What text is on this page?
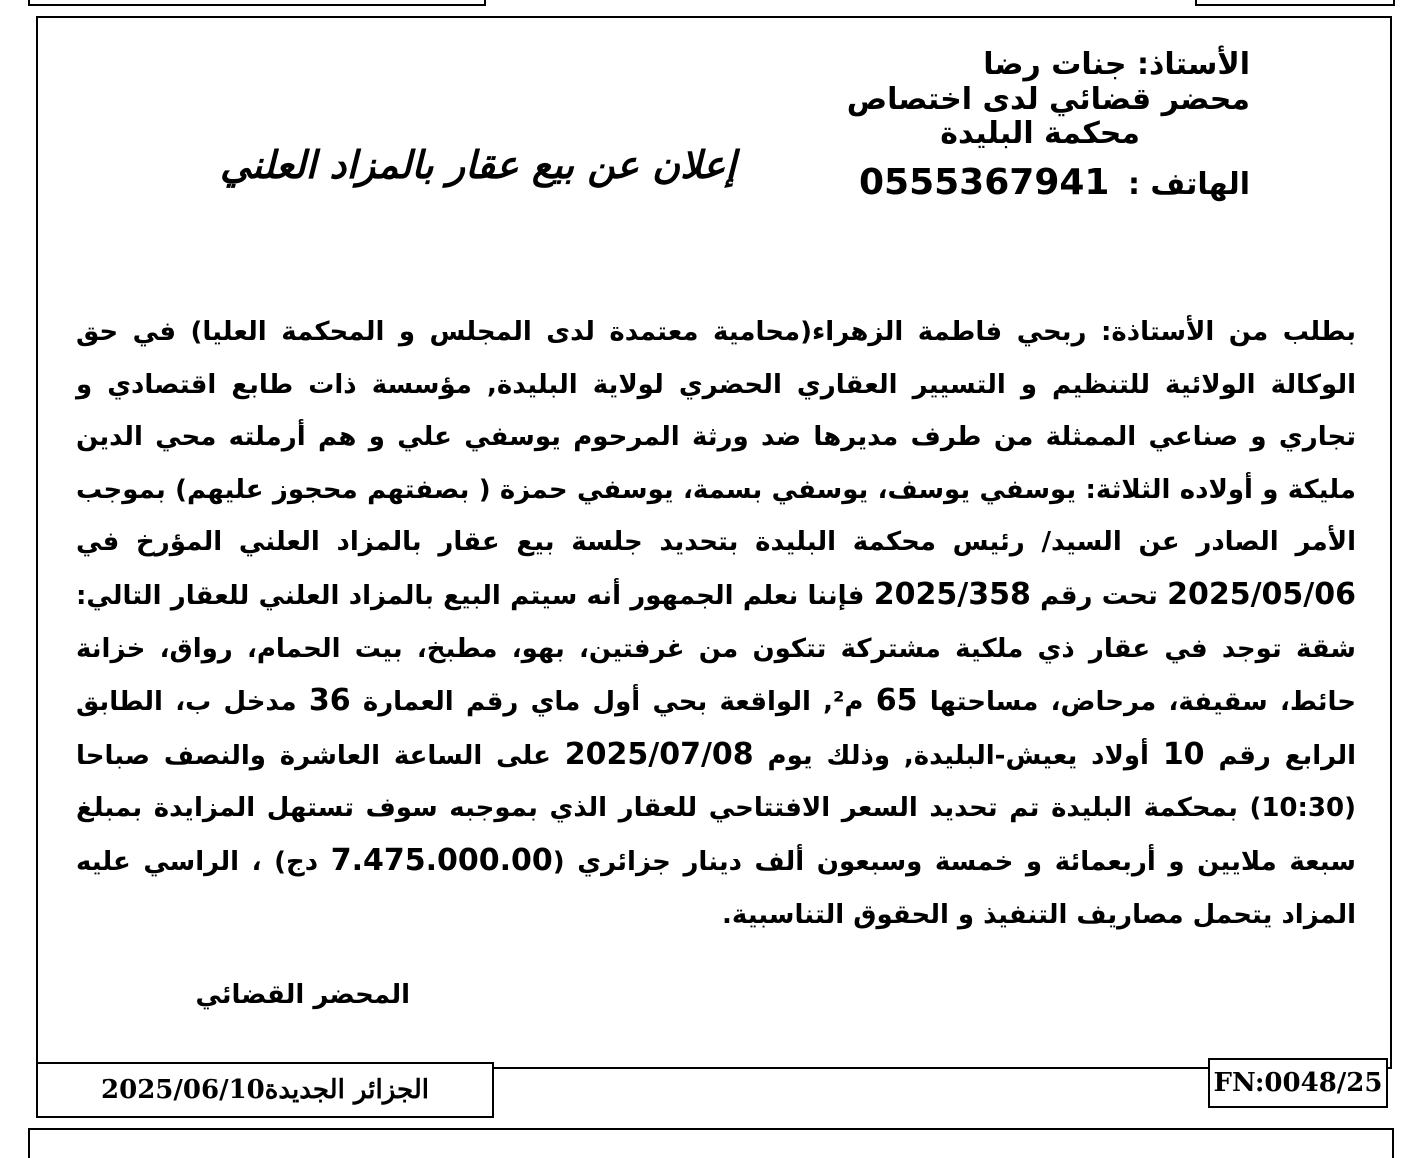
الأستاذ: جنات رضا
محضر قضائي لدى اختصاص
محكمة البليدة
الهاتف : 0555367941
إعلان عن بيع عقار بالمزاد العلني

بطلب من الأستاذة: ربحي فاطمة الزهراء(محامية معتمدة لدى المجلس و المحكمة العليا) في حق الوكالة الولائية للتنظيم و التسيير العقاري الحضري لولاية البليدة, مؤسسة ذات طابع اقتصادي و تجاري و صناعي الممثلة من طرف مديرها ضد ورثة المرحوم يوسفي علي و هم أرملته محي الدين مليكة و أولاده الثلاثة: يوسفي يوسف، يوسفي بسمة، يوسفي حمزة ( بصفتهم محجوز عليهم) بموجب الأمر الصادر عن السيد/ رئيس محكمة البليدة بتحديد جلسة بيع عقار بالمزاد العلني المؤرخ في 2025/05/06 تحت رقم 2025/358 فإننا نعلم الجمهور أنه سيتم البيع بالمزاد العلني للعقار التالي: شقة توجد في عقار ذي ملكية مشتركة تتكون من غرفتين، بهو، مطبخ، بيت الحمام، رواق، خزانة حائط، سقيفة، مرحاض، مساحتها 65 م², الواقعة بحي أول ماي رقم العمارة 36 مدخل ب، الطابق الرابع رقم 10 أولاد يعيش-البليدة, وذلك يوم 2025/07/08 على الساعة العاشرة والنصف صباحا (10:30) بمحكمة البليدة تم تحديد السعر الافتتاحي للعقار الذي بموجبه سوف تستهل المزايدة بمبلغ سبعة ملايين و أربعمائة و خمسة وسبعون ألف دينار جزائري (7.475.000.00 دج) ، الراسي عليه المزاد يتحمل مصاريف التنفيذ و الحقوق التناسبية.

المحضر القضائي
الجزائر الجديدة2025/06/10	FN:0048/25
